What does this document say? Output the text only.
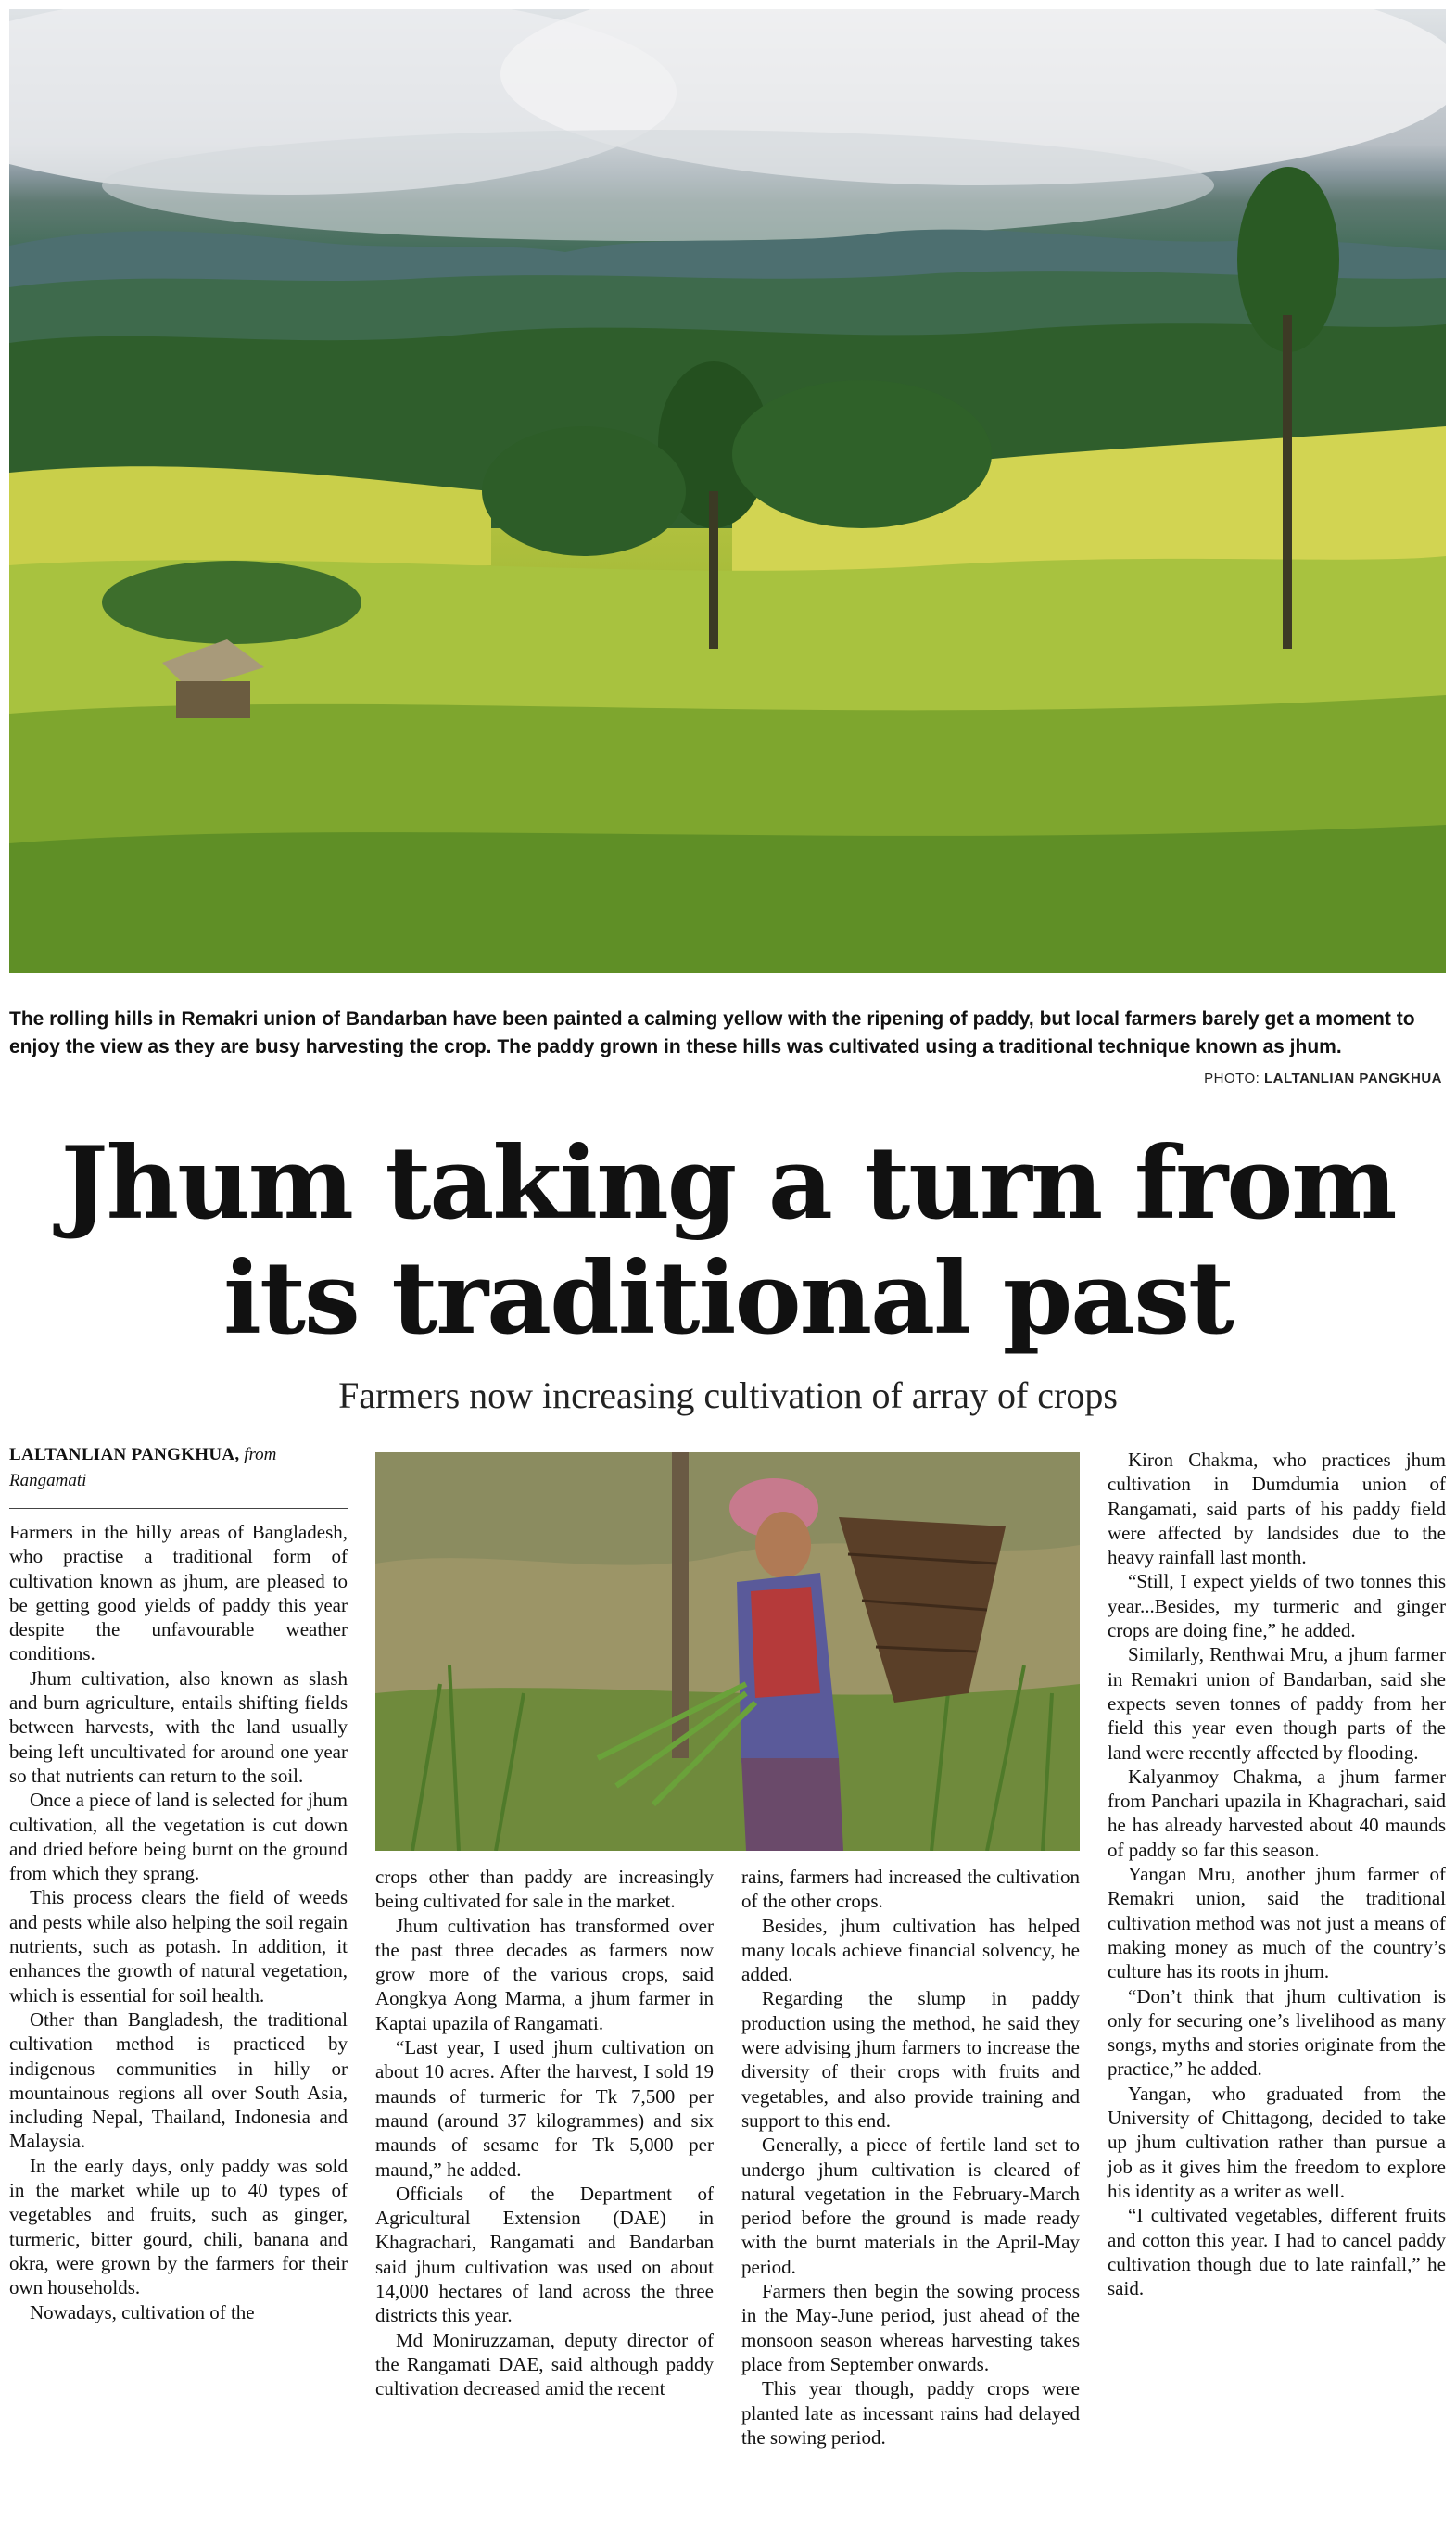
The rolling hills in Remakri union of Bandarban have been painted a calming yellow with the ripening of paddy, but local farmers barely get a moment to enjoy the view as they are busy harvesting the crop. The paddy grown in these hills was cultivated using a traditional technique known as jhum.
PHOTO: LALTANLIAN PANGKHUA
Jhum taking a turn from
its traditional past
Farmers now increasing cultivation of array of crops
LALTANLIAN PANGKHUA, from
Rangamati

Farmers in the hilly areas of Bangladesh, who practise a traditional form of cultivation known as jhum, are pleased to be getting good yields of paddy this year despite the unfavourable weather conditions.

Jhum cultivation, also known as slash and burn agriculture, entails shifting fields between harvests, with the land usually being left uncultivated for around one year so that nutrients can return to the soil.

Once a piece of land is selected for jhum cultivation, all the vegetation is cut down and dried before being burnt on the ground from which they sprang.

This process clears the field of weeds and pests while also helping the soil regain nutrients, such as potash. In addition, it enhances the growth of natural vegetation, which is essential for soil health.

Other than Bangladesh, the traditional cultivation method is practiced by indigenous communities in hilly or mountainous regions all over South Asia, including Nepal, Thailand, Indonesia and Malaysia.

In the early days, only paddy was sold in the market while up to 40 types of vegetables and fruits, such as ginger, turmeric, bitter gourd, chili, banana and okra, were grown by the farmers for their own households.

Nowadays, cultivation of the

crops other than paddy are increasingly being cultivated for sale in the market.

Jhum cultivation has transformed over the past three decades as farmers now grow more of the various crops, said Aongkya Aong Marma, a jhum farmer in Kaptai upazila of Rangamati.

“Last year, I used jhum cultivation on about 10 acres. After the harvest, I sold 19 maunds of turmeric for Tk 7,500 per maund (around 37 kilogrammes) and six maunds of sesame for Tk 5,000 per maund,” he added.

Officials of the Department of Agricultural Extension (DAE) in Khagrachari, Rangamati and Bandarban said jhum cultivation was used on about 14,000 hectares of land across the three districts this year.

Md Moniruzzaman, deputy director of the Rangamati DAE, said although paddy cultivation decreased amid the recent

rains, farmers had increased the cultivation of the other crops.

Besides, jhum cultivation has helped many locals achieve financial solvency, he added.

Regarding the slump in paddy production using the method, he said they were advising jhum farmers to increase the diversity of their crops with fruits and vegetables, and also provide training and support to this end.

Generally, a piece of fertile land set to undergo jhum cultivation is cleared of natural vegetation in the February-March period before the ground is made ready with the burnt materials in the April-May period.

Farmers then begin the sowing process in the May-June period, just ahead of the monsoon season whereas harvesting takes place from September onwards.

This year though, paddy crops were planted late as incessant rains had delayed the sowing period.

Kiron Chakma, who practices jhum cultivation in Dumdumia union of Rangamati, said parts of his paddy field were affected by landsides due to the heavy rainfall last month.

“Still, I expect yields of two tonnes this year...Besides, my turmeric and ginger crops are doing fine,” he added.

Similarly, Renthwai Mru, a jhum farmer in Remakri union of Bandarban, said she expects seven tonnes of paddy from her field this year even though parts of the land were recently affected by flooding.

Kalyanmoy Chakma, a jhum farmer from Panchari upazila in Khagrachari, said he has already harvested about 40 maunds of paddy so far this season.

Yangan Mru, another jhum farmer of Remakri union, said the traditional cultivation method was not just a means of making money as much of the country’s culture has its roots in jhum.

“Don’t think that jhum cultivation is only for securing one’s livelihood as many songs, myths and stories originate from the practice,” he added.

Yangan, who graduated from the University of Chittagong, decided to take up jhum cultivation rather than pursue a job as it gives him the freedom to explore his identity as a writer as well.

“I cultivated vegetables, different fruits and cotton this year. I had to cancel paddy cultivation though due to late rainfall,” he said.
